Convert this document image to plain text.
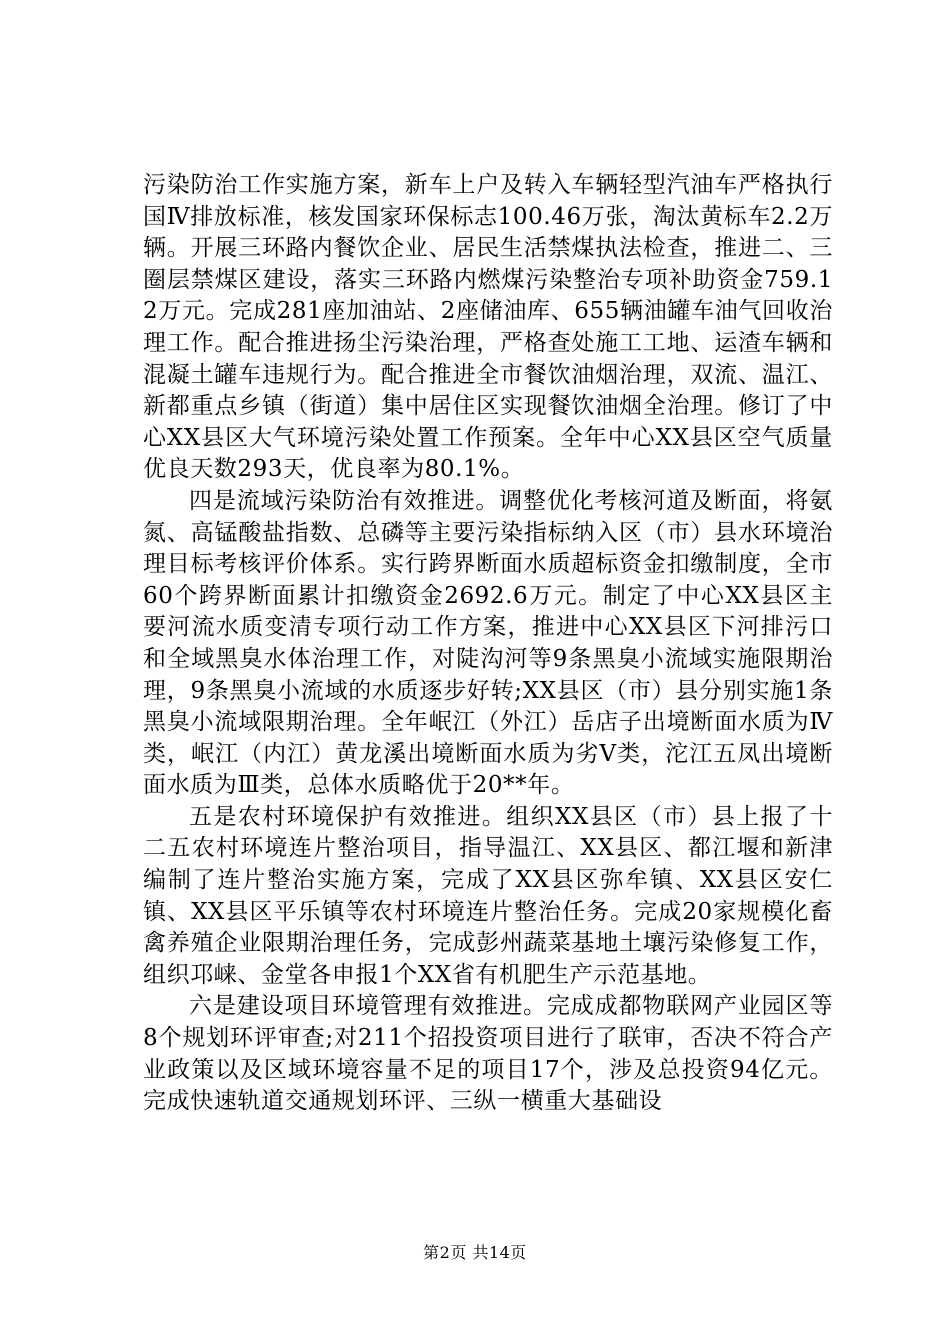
污染防治工作实施方案，新车上户及转入车辆轻型汽油车严格执行国Ⅳ排放标准，核发国家环保标志100.46万张，淘汰黄标车2.2万辆。开展三环路内餐饮企业、居民生活禁煤执法检查，推进二、三圈层禁煤区建设，落实三环路内燃煤污染整治专项补助资金759.12万元。完成281座加油站、2座储油库、655辆油罐车油气回收治理工作。配合推进扬尘污染治理，严格查处施工工地、运渣车辆和混凝土罐车违规行为。配合推进全市餐饮油烟治理，双流、温江、新都重点乡镇（街道）集中居住区实现餐饮油烟全治理。修订了中心XX县区大气环境污染处置工作预案。全年中心XX县区空气质量优良天数293天，优良率为80.1%。

四是流域污染防治有效推进。调整优化考核河道及断面，将氨氮、高锰酸盐指数、总磷等主要污染指标纳入区（市）县水环境治理目标考核评价体系。实行跨界断面水质超标资金扣缴制度，全市60个跨界断面累计扣缴资金2692.6万元。制定了中心XX县区主要河流水质变清专项行动工作方案，推进中心XX县区下河排污口和全域黑臭水体治理工作，对陡沟河等9条黑臭小流域实施限期治理，9条黑臭小流域的水质逐步好转;XX县区（市）县分别实施1条黑臭小流域限期治理。全年岷江（外江）岳店子出境断面水质为Ⅳ类，岷江（内江）黄龙溪出境断面水质为劣Ⅴ类，沱江五凤出境断面水质为Ⅲ类，总体水质略优于20**年。

五是农村环境保护有效推进。组织XX县区（市）县上报了十二五农村环境连片整治项目，指导温江、XX县区、都江堰和新津编制了连片整治实施方案，完成了XX县区弥牟镇、XX县区安仁镇、XX县区平乐镇等农村环境连片整治任务。完成20家规模化畜禽养殖企业限期治理任务，完成彭州蔬菜基地土壤污染修复工作，组织邛崃、金堂各申报1个XX省有机肥生产示范基地。

六是建设项目环境管理有效推进。完成成都物联网产业园区等8个规划环评审查;对211个招投资项目进行了联审，否决不符合产业政策以及区域环境容量不足的项目17个，涉及总投资94亿元。完成快速轨道交通规划环评、三纵一横重大基础设

第2页 共14页
